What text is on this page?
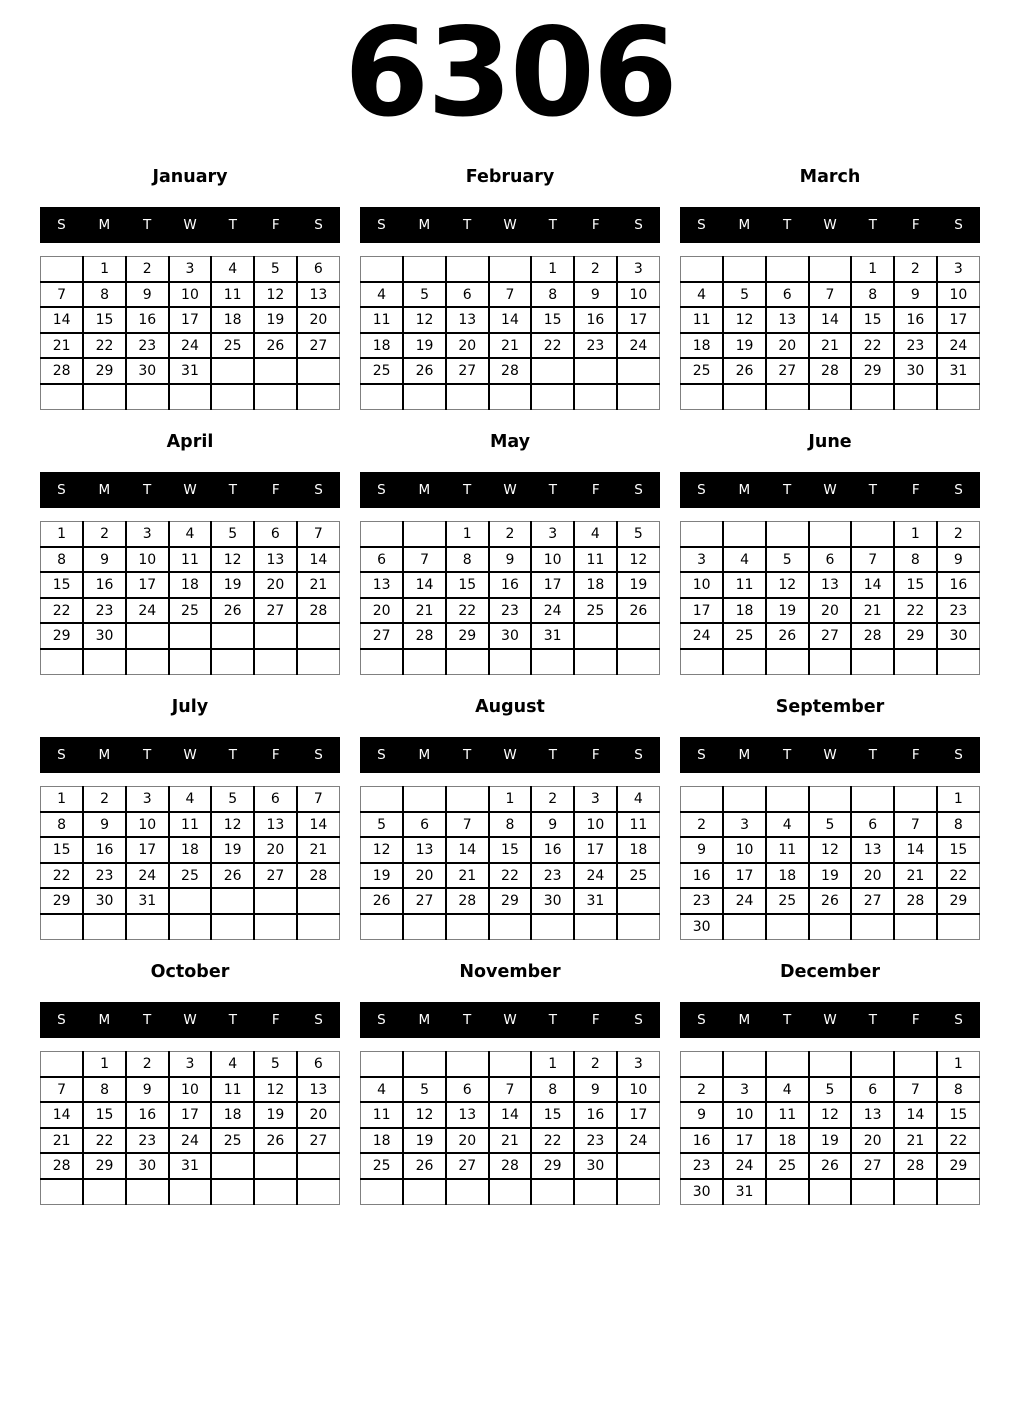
6306
January
S	M	T	W	T	F	S
	1	2	3	4	5	6
7	8	9	10	11	12	13
14	15	16	17	18	19	20
21	22	23	24	25	26	27
28	29	30	31			

February
S	M	T	W	T	F	S
				1	2	3
4	5	6	7	8	9	10
11	12	13	14	15	16	17
18	19	20	21	22	23	24
25	26	27	28			

March
S	M	T	W	T	F	S
				1	2	3
4	5	6	7	8	9	10
11	12	13	14	15	16	17
18	19	20	21	22	23	24
25	26	27	28	29	30	31

April
S	M	T	W	T	F	S
1	2	3	4	5	6	7
8	9	10	11	12	13	14
15	16	17	18	19	20	21
22	23	24	25	26	27	28
29	30					

May
S	M	T	W	T	F	S
		1	2	3	4	5
6	7	8	9	10	11	12
13	14	15	16	17	18	19
20	21	22	23	24	25	26
27	28	29	30	31		

June
S	M	T	W	T	F	S
					1	2
3	4	5	6	7	8	9
10	11	12	13	14	15	16
17	18	19	20	21	22	23
24	25	26	27	28	29	30

July
S	M	T	W	T	F	S
1	2	3	4	5	6	7
8	9	10	11	12	13	14
15	16	17	18	19	20	21
22	23	24	25	26	27	28
29	30	31				

August
S	M	T	W	T	F	S
			1	2	3	4
5	6	7	8	9	10	11
12	13	14	15	16	17	18
19	20	21	22	23	24	25
26	27	28	29	30	31	

September
S	M	T	W	T	F	S
						1
2	3	4	5	6	7	8
9	10	11	12	13	14	15
16	17	18	19	20	21	22
23	24	25	26	27	28	29
30						
October
S	M	T	W	T	F	S
	1	2	3	4	5	6
7	8	9	10	11	12	13
14	15	16	17	18	19	20
21	22	23	24	25	26	27
28	29	30	31			

November
S	M	T	W	T	F	S
				1	2	3
4	5	6	7	8	9	10
11	12	13	14	15	16	17
18	19	20	21	22	23	24
25	26	27	28	29	30	

December
S	M	T	W	T	F	S
						1
2	3	4	5	6	7	8
9	10	11	12	13	14	15
16	17	18	19	20	21	22
23	24	25	26	27	28	29
30	31					
